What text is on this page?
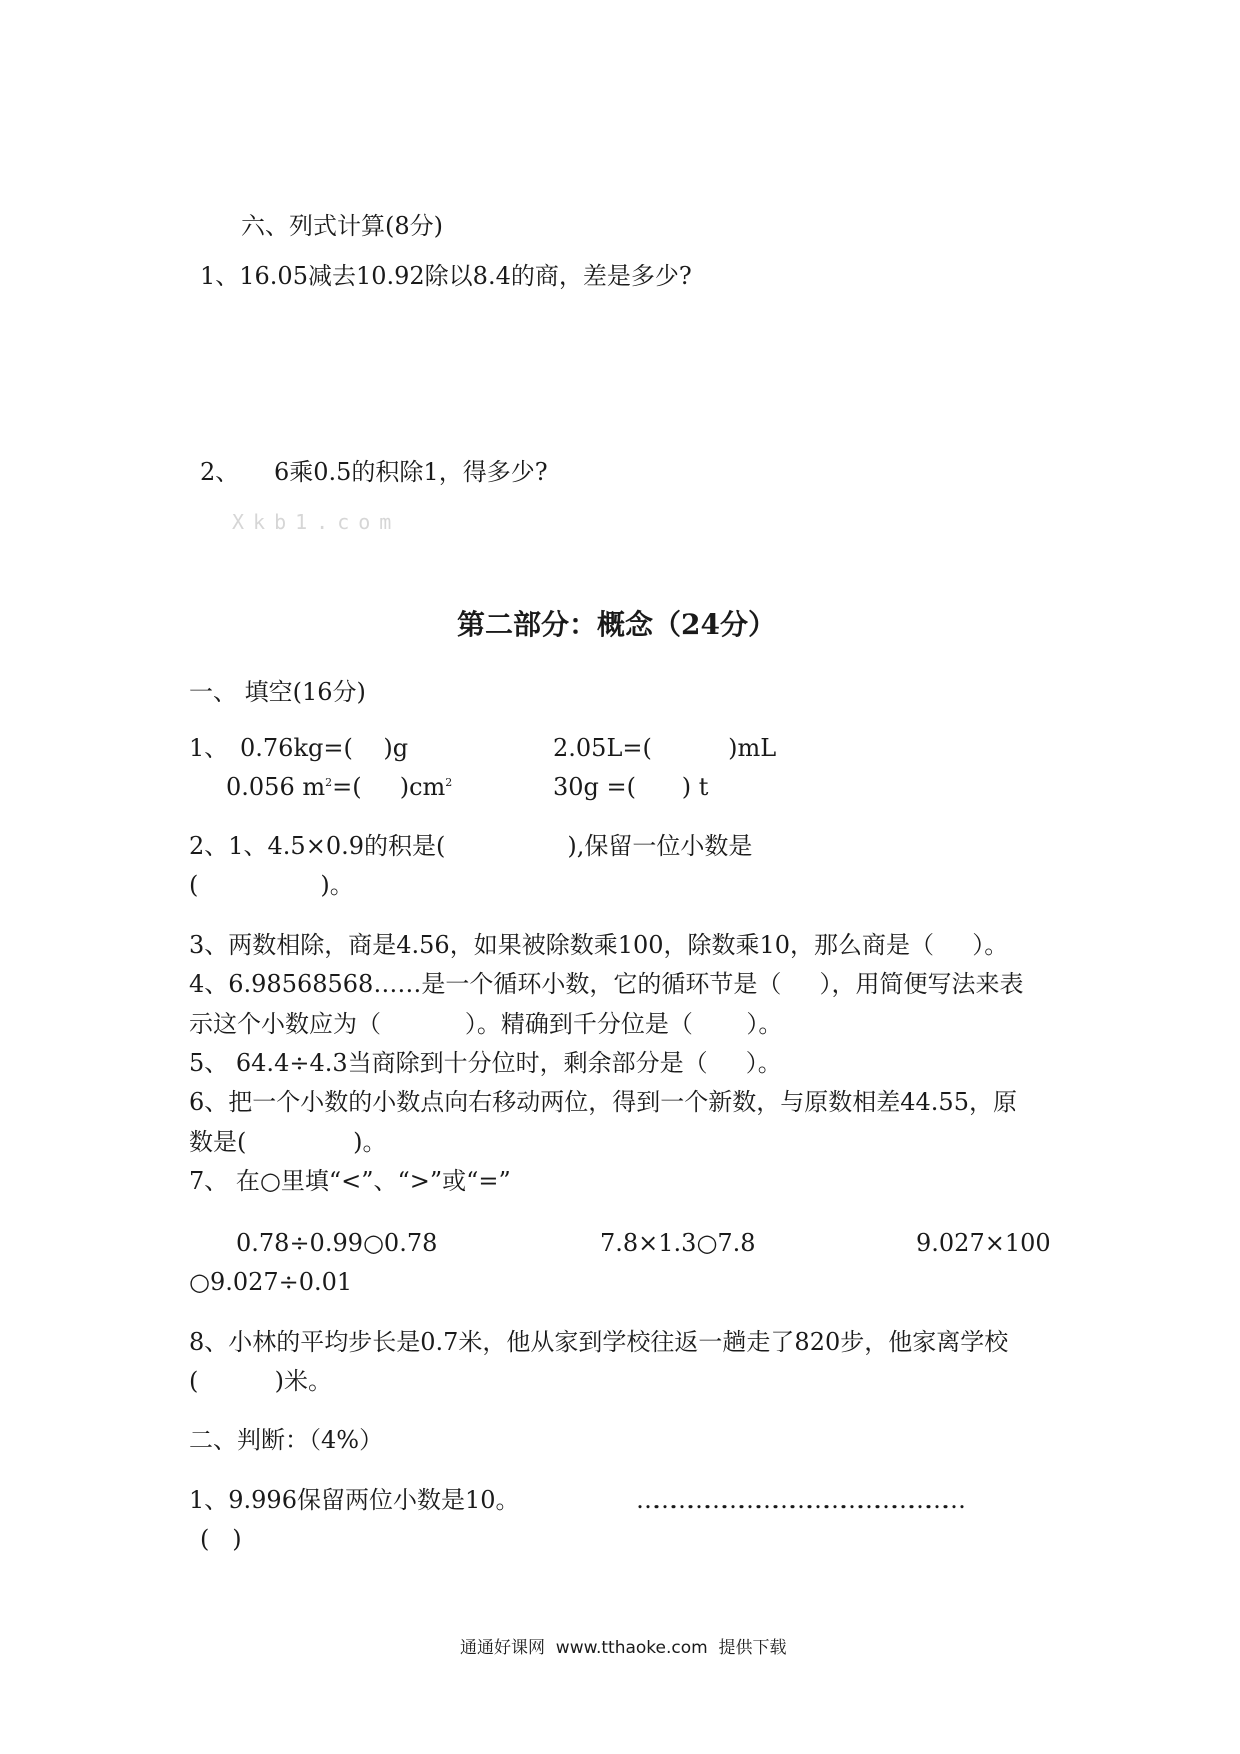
六、列式计算(8分)
1、16.05减去10.92除以8.4的商，差是多少?
2、 6乘0.5的积除1，得多少?
Xkb1.com
第二部分：概念（24分）
一、 填空(16分)
1、 0.76kg=(    )g	2.05L=(          )mL
0.056 $m^2=$(     )$cm^2$	30g =(      ) t
2、1、4.5×0.9的积是(                ),保留一位小数是
(                )。
3、两数相除，商是4.56，如果被除数乘100，除数乘10，那么商是（     ）。
4、6.98568568……是一个循环小数，它的循环节是（     ），用简便写法来表
示这个小数应为（           ）。精确到千分位是（       ）。
5、 64.4÷4.3当商除到十分位时，剩余部分是（     ）。
6、把一个小数的小数点向右移动两位，得到一个新数，与原数相差44.55，原
数是(              )。
7、 在○里填“<”、“>”或“=”
0.78÷0.99○0.78	7.8×1.3○7.8	9.027×100
○9.027÷0.01
8、小林的平均步长是0.7米，他从家到学校往返一趟走了820步，他家离学校
(          )米。
二、判断：（4%）
1、9.996保留两位小数是10。	…………………………………………………
(   )
通通好课网  www.tthaoke.com  提供下载
